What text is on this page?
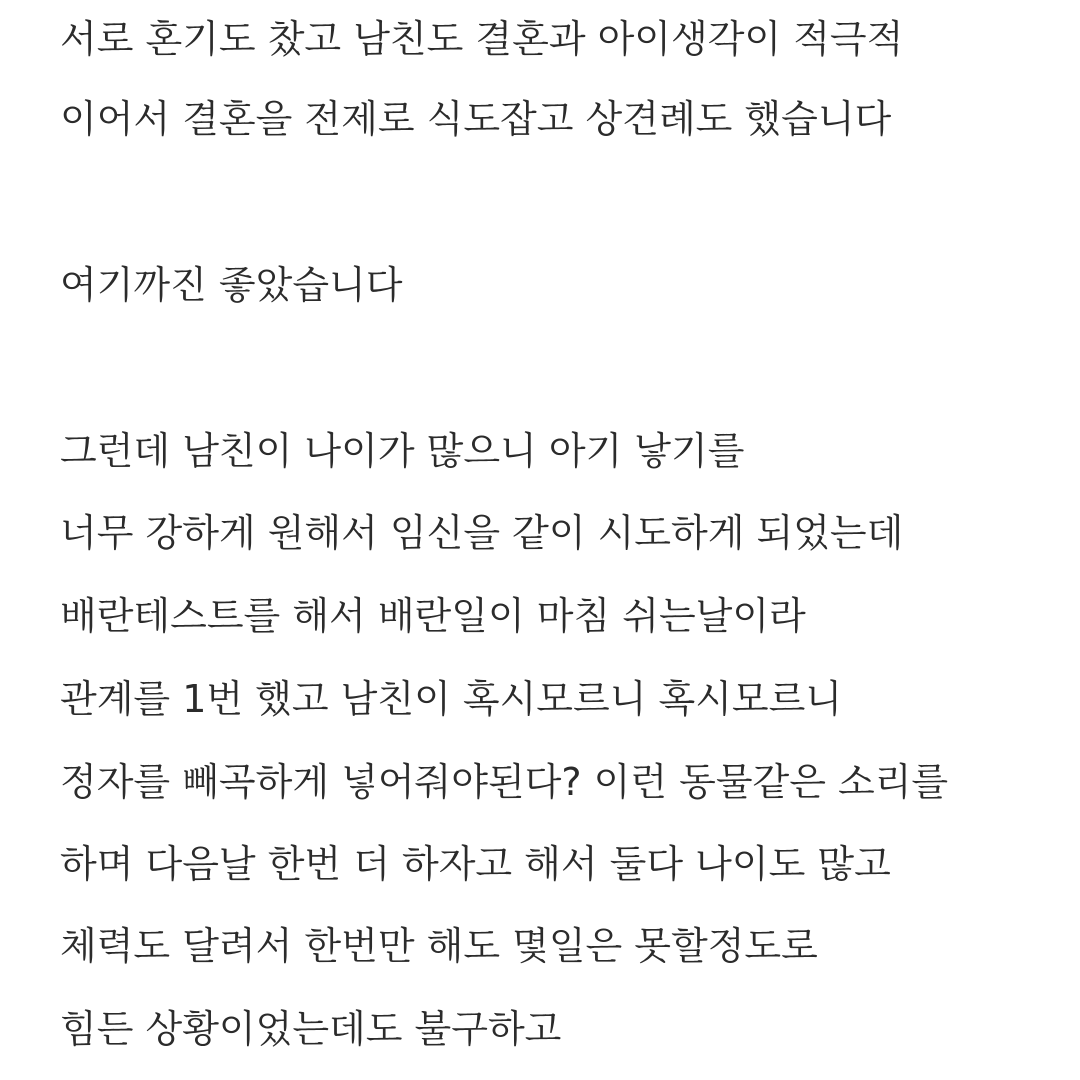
서로 혼기도 찼고 남친도 결혼과 아이생각이 적극적

이어서 결혼을 전제로 식도잡고 상견례도 했습니다

여기까진 좋았습니다

그런데 남친이 나이가 많으니 아기 낳기를

너무 강하게 원해서 임신을 같이 시도하게 되었는데

배란테스트를 해서 배란일이 마침 쉬는날이라

관계를 1번 했고 남친이 혹시모르니 혹시모르니

정자를 빼곡하게 넣어줘야된다? 이런 동물같은 소리를

하며 다음날 한번 더 하자고 해서 둘다 나이도 많고

체력도 달려서 한번만 해도 몇일은 못할정도로

힘든 상황이었는데도 불구하고
